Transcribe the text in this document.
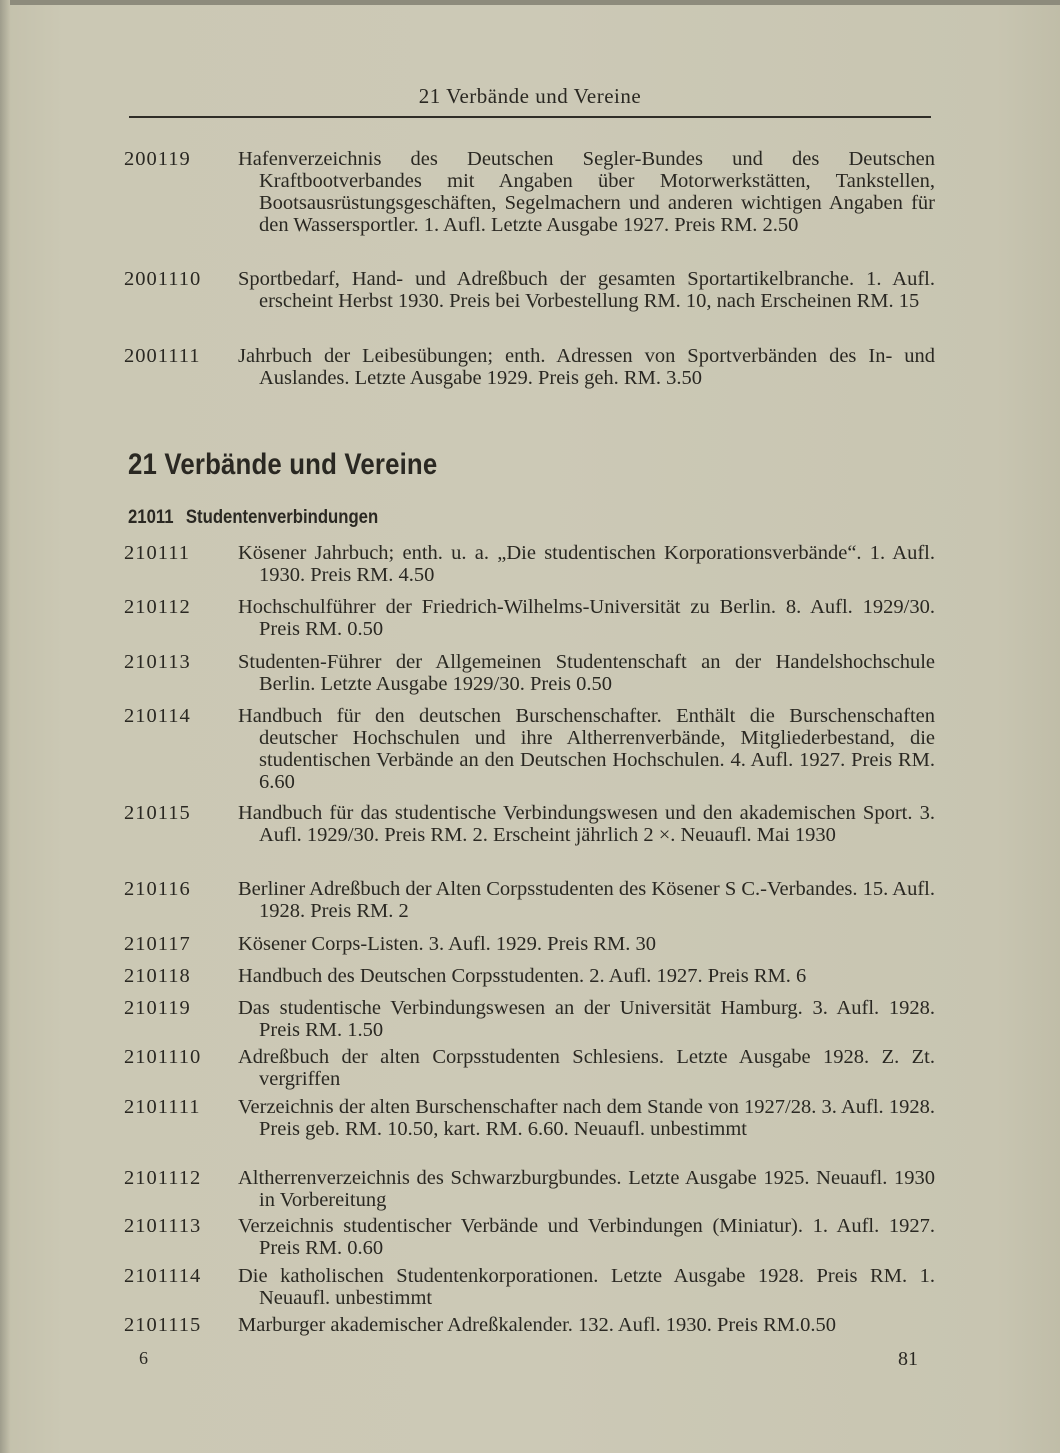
21 Verbände und Vereine
200119	Hafenverzeichnis des Deutschen Segler-Bundes und des Deutschen Kraftbootverbandes mit Angaben über Motorwerkstätten, Tankstellen, Bootsausrüstungsgeschäften, Segelmachern und anderen wichtigen Angaben für den Wassersportler. 1. Aufl. Letzte Ausgabe 1927. Preis RM. 2.50
2001110	Sportbedarf, Hand- und Adreßbuch der gesamten Sportartikelbranche. 1. Aufl. erscheint Herbst 1930. Preis bei Vorbestellung RM. 10, nach Erscheinen RM. 15
2001111	Jahrbuch der Leibesübungen; enth. Adressen von Sportverbänden des In- und Auslandes. Letzte Ausgabe 1929. Preis geh. RM. 3.50
21 Verbände und Vereine
21011 Studentenverbindungen
210111	Kösener Jahrbuch; enth. u. a. „Die studentischen Korporationsverbände“. 1. Aufl. 1930. Preis RM. 4.50
210112	Hochschulführer der Friedrich-Wilhelms-Universität zu Berlin. 8. Aufl. 1929/30. Preis RM. 0.50
210113	Studenten-Führer der Allgemeinen Studentenschaft an der Handelshochschule Berlin. Letzte Ausgabe 1929/30. Preis 0.50
210114	Handbuch für den deutschen Burschenschafter. Enthält die Burschenschaften deutscher Hochschulen und ihre Altherrenverbände, Mitgliederbestand, die studentischen Verbände an den Deutschen Hochschulen. 4. Aufl. 1927. Preis RM. 6.60
210115	Handbuch für das studentische Verbindungswesen und den akademischen Sport. 3. Aufl. 1929/30. Preis RM. 2. Erscheint jährlich 2 ×. Neuaufl. Mai 1930
210116	Berliner Adreßbuch der Alten Corpsstudenten des Kösener S C.-Verbandes. 15. Aufl. 1928. Preis RM. 2
210117	Kösener Corps-Listen. 3. Aufl. 1929. Preis RM. 30
210118	Handbuch des Deutschen Corpsstudenten. 2. Aufl. 1927. Preis RM. 6
210119	Das studentische Verbindungswesen an der Universität Hamburg. 3. Aufl. 1928. Preis RM. 1.50
2101110	Adreßbuch der alten Corpsstudenten Schlesiens. Letzte Ausgabe 1928. Z. Zt. vergriffen
2101111	Verzeichnis der alten Burschenschafter nach dem Stande von 1927/28. 3. Aufl. 1928. Preis geb. RM. 10.50, kart. RM. 6.60. Neuaufl. unbestimmt
2101112	Altherrenverzeichnis des Schwarzburgbundes. Letzte Ausgabe 1925. Neuaufl. 1930 in Vorbereitung
2101113	Verzeichnis studentischer Verbände und Verbindungen (Miniatur). 1. Aufl. 1927. Preis RM. 0.60
2101114	Die katholischen Studentenkorporationen. Letzte Ausgabe 1928. Preis RM. 1. Neuaufl. unbestimmt
2101115	Marburger akademischer Adreßkalender. 132. Aufl. 1930. Preis RM.0.50
6	81
